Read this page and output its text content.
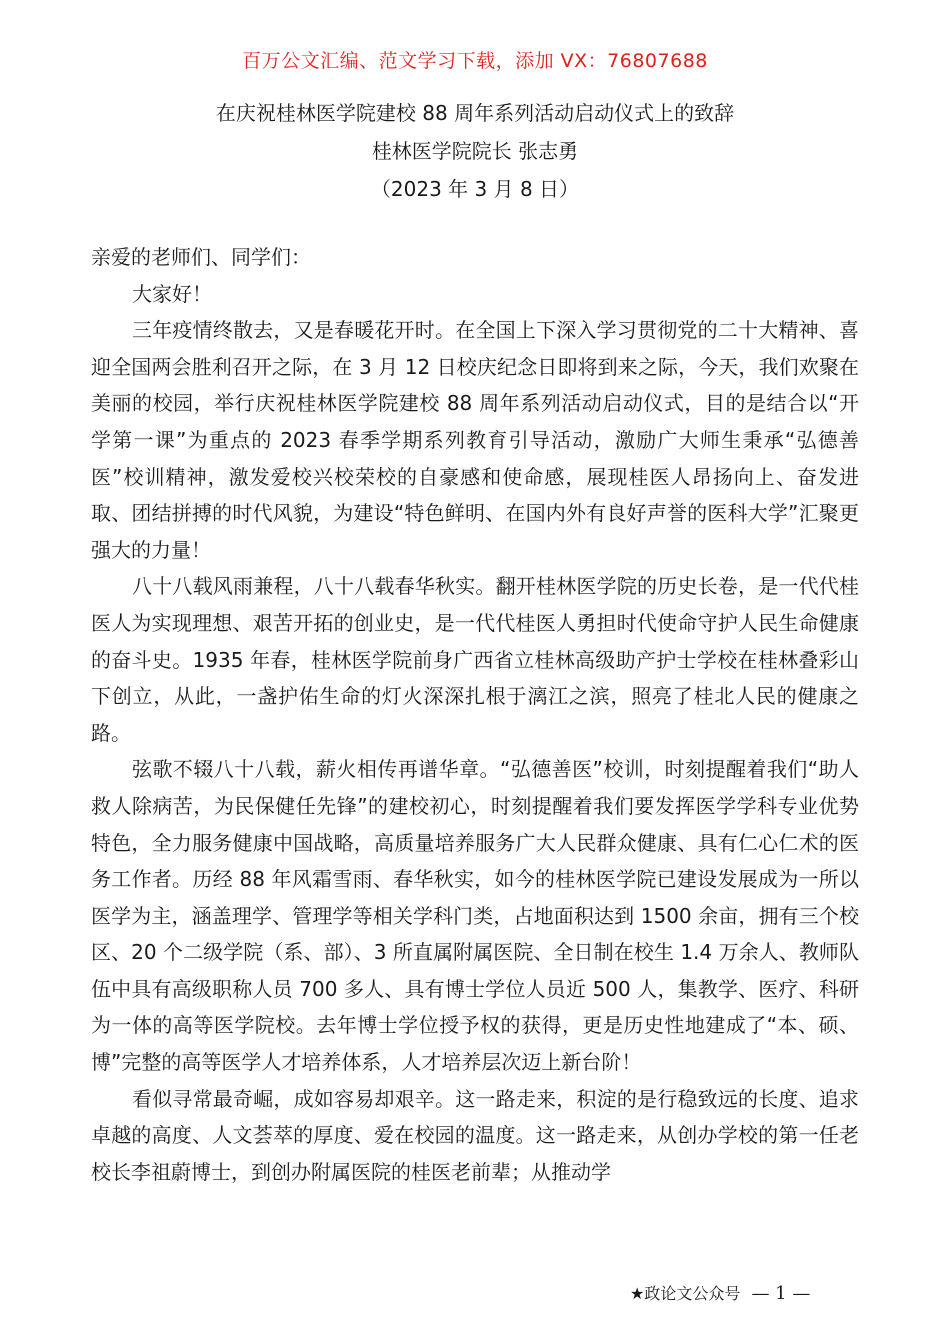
百万公文汇编、范文学习下载，添加 VX：76807688
在庆祝桂林医学院建校 88 周年系列活动启动仪式上的致辞
桂林医学院院长 张志勇
（2023 年 3 月 8 日）

亲爱的老师们、同学们：

大家好！

三年疫情终散去，又是春暖花开时。在全国上下深入学习贯彻党的二十大精神、喜迎全国两会胜利召开之际，在 3 月 12 日校庆纪念日即将到来之际，今天，我们欢聚在美丽的校园，举行庆祝桂林医学院建校 88 周年系列活动启动仪式，目的是结合以“开学第一课”为重点的 2023 春季学期系列教育引导活动，激励广大师生秉承“弘德善医”校训精神，激发爱校兴校荣校的自豪感和使命感，展现桂医人昂扬向上、奋发进取、团结拼搏的时代风貌，为建设“特色鲜明、在国内外有良好声誉的医科大学”汇聚更强大的力量！

八十八载风雨兼程，八十八载春华秋实。翻开桂林医学院的历史长卷，是一代代桂医人为实现理想、艰苦开拓的创业史，是一代代桂医人勇担时代使命守护人民生命健康的奋斗史。1935 年春，桂林医学院前身广西省立桂林高级助产护士学校在桂林叠彩山下创立，从此，一盏护佑生命的灯火深深扎根于漓江之滨，照亮了桂北人民的健康之路。

弦歌不辍八十八载，薪火相传再谱华章。“弘德善医”校训，时刻提醒着我们“助人救人除病苦，为民保健任先锋”的建校初心，时刻提醒着我们要发挥医学学科专业优势特色，全力服务健康中国战略，高质量培养服务广大人民群众健康、具有仁心仁术的医务工作者。历经 88 年风霜雪雨、春华秋实，如今的桂林医学院已建设发展成为一所以医学为主，涵盖理学、管理学等相关学科门类，占地面积达到 1500 余亩，拥有三个校区、20 个二级学院（系、部）、3 所直属附属医院、全日制在校生 1.4 万余人、教师队伍中具有高级职称人员 700 多人、具有博士学位人员近 500 人，集教学、医疗、科研为一体的高等医学院校。去年博士学位授予权的获得，更是历史性地建成了“本、硕、博”完整的高等医学人才培养体系，人才培养层次迈上新台阶！

看似寻常最奇崛，成如容易却艰辛。这一路走来，积淀的是行稳致远的长度、追求卓越的高度、人文荟萃的厚度、爱在校园的温度。这一路走来，从创办学校的第一任老校长李祖蔚博士，到创办附属医院的桂医老前辈；从推动学

★政论文公众号 — 1 —
